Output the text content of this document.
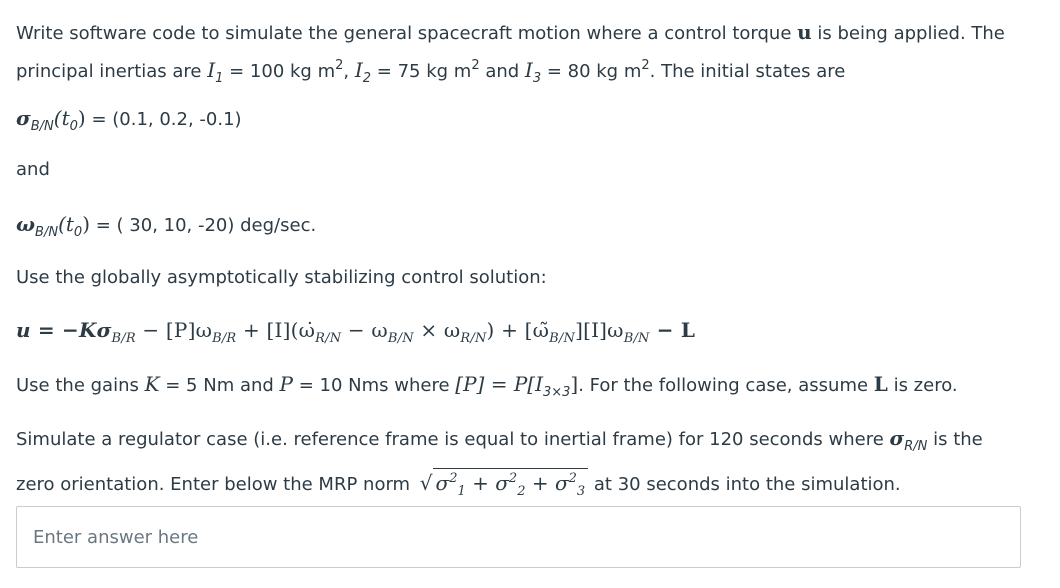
Write software code to simulate the general spacecraft motion where a control torque u is being applied. The principal inertias are $I_1 = 100$ kg $m^2$, $I_2 = 75$ kg $m^2$ and $I_3 = 80$ kg $m^2$. The initial states are

$\sigma_{B/N}(t_0) = (0.1$, 0.2, -0.1)

and

$\omega_{B/N}(t_0)$ = ( 30, 10, -20) deg/sec.

Use the globally asymptotically stabilizing control solution:

$u = -K\sigma_{B/R} - [P]\omega_{B/R}$ + $[I](\omegȧ_{R/N} - \omega_{B/N} \times \omega_{R/N})$ + $[\omegã_{B/N}][I]\omega_{B/N} - L$

Use the gains K = 5 Nm and P = 10 Nms where $[P] = P[I_{3\times 3}]$. For the following case, assume L is zero.

Simulate a regulator case (i.e. reference frame is equal to inertial frame) for 120 seconds where $\sigma_{R/N}$ is the zero orientation. Enter below the MRP norm √ $\sigma^2_1 + \sigma^2_2 + \sigma^2_3$ at 30 seconds into the simulation.

Enter answer here
